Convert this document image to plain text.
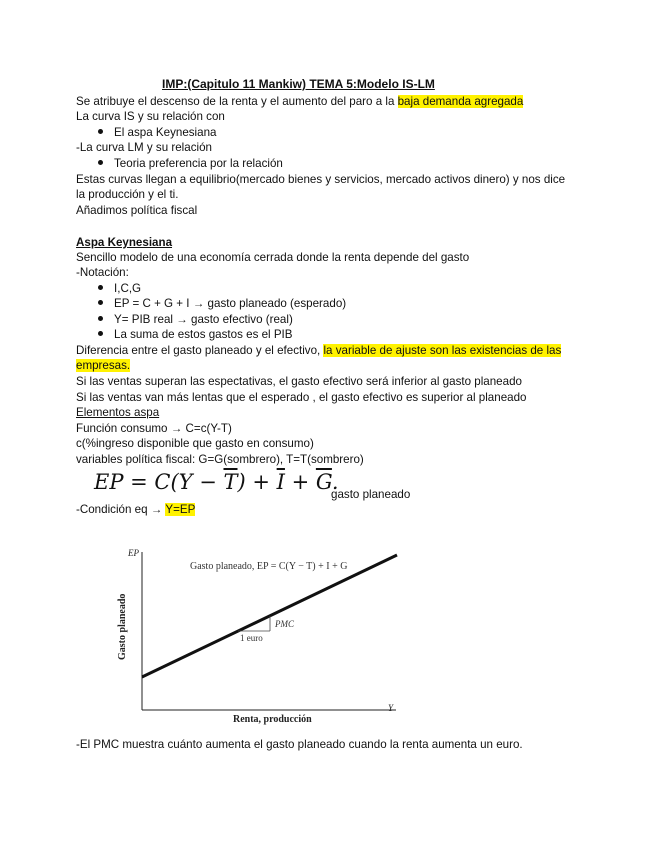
IMP:(Capitulo 11 Mankiw) TEMA 5:Modelo IS-LM
Se atribuye el descenso de la renta y el aumento del paro a la baja demanda agregada
La curva IS y su relación con
El aspa Keynesiana
-La curva LM y su relación
Teoria preferencia por la relación
Estas curvas llegan a equilibrio(mercado bienes y servicios, mercado activos dinero) y nos dice
la producción y el ti.
Añadimos política fiscal
Aspa Keynesiana
Sencillo modelo de una economía cerrada donde la renta depende del gasto
-Notación:
I,C,G
EP = C + G + I → gasto planeado (esperado)
Y= PIB real → gasto efectivo (real)
La suma de estos gastos es el PIB
Diferencia entre el gasto planeado y el efectivo, la variable de ajuste son las existencias de las
empresas.
Si las ventas superan las espectativas, el gasto efectivo será inferior al gasto planeado
Si las ventas van más lentas que el esperado , el gasto efectivo es superior al planeado
Elementos aspa
Función consumo → C=c(Y-T)
c(%ingreso disponible que gasto en consumo)
variables política fiscal: G=G(sombrero), T=T(sombrero)
EP = $C(Y - \overline{T}) + \overline{I} + \overline{G}$.
gasto planeado
-Condición eq → Y=EP
EP
Y
Gasto planeado
Renta, producción
Gasto planeado, EP = C(Y − T) + I + G
PMC
1 euro
-El PMC muestra cuánto aumenta el gasto planeado cuando la renta aumenta un euro.
